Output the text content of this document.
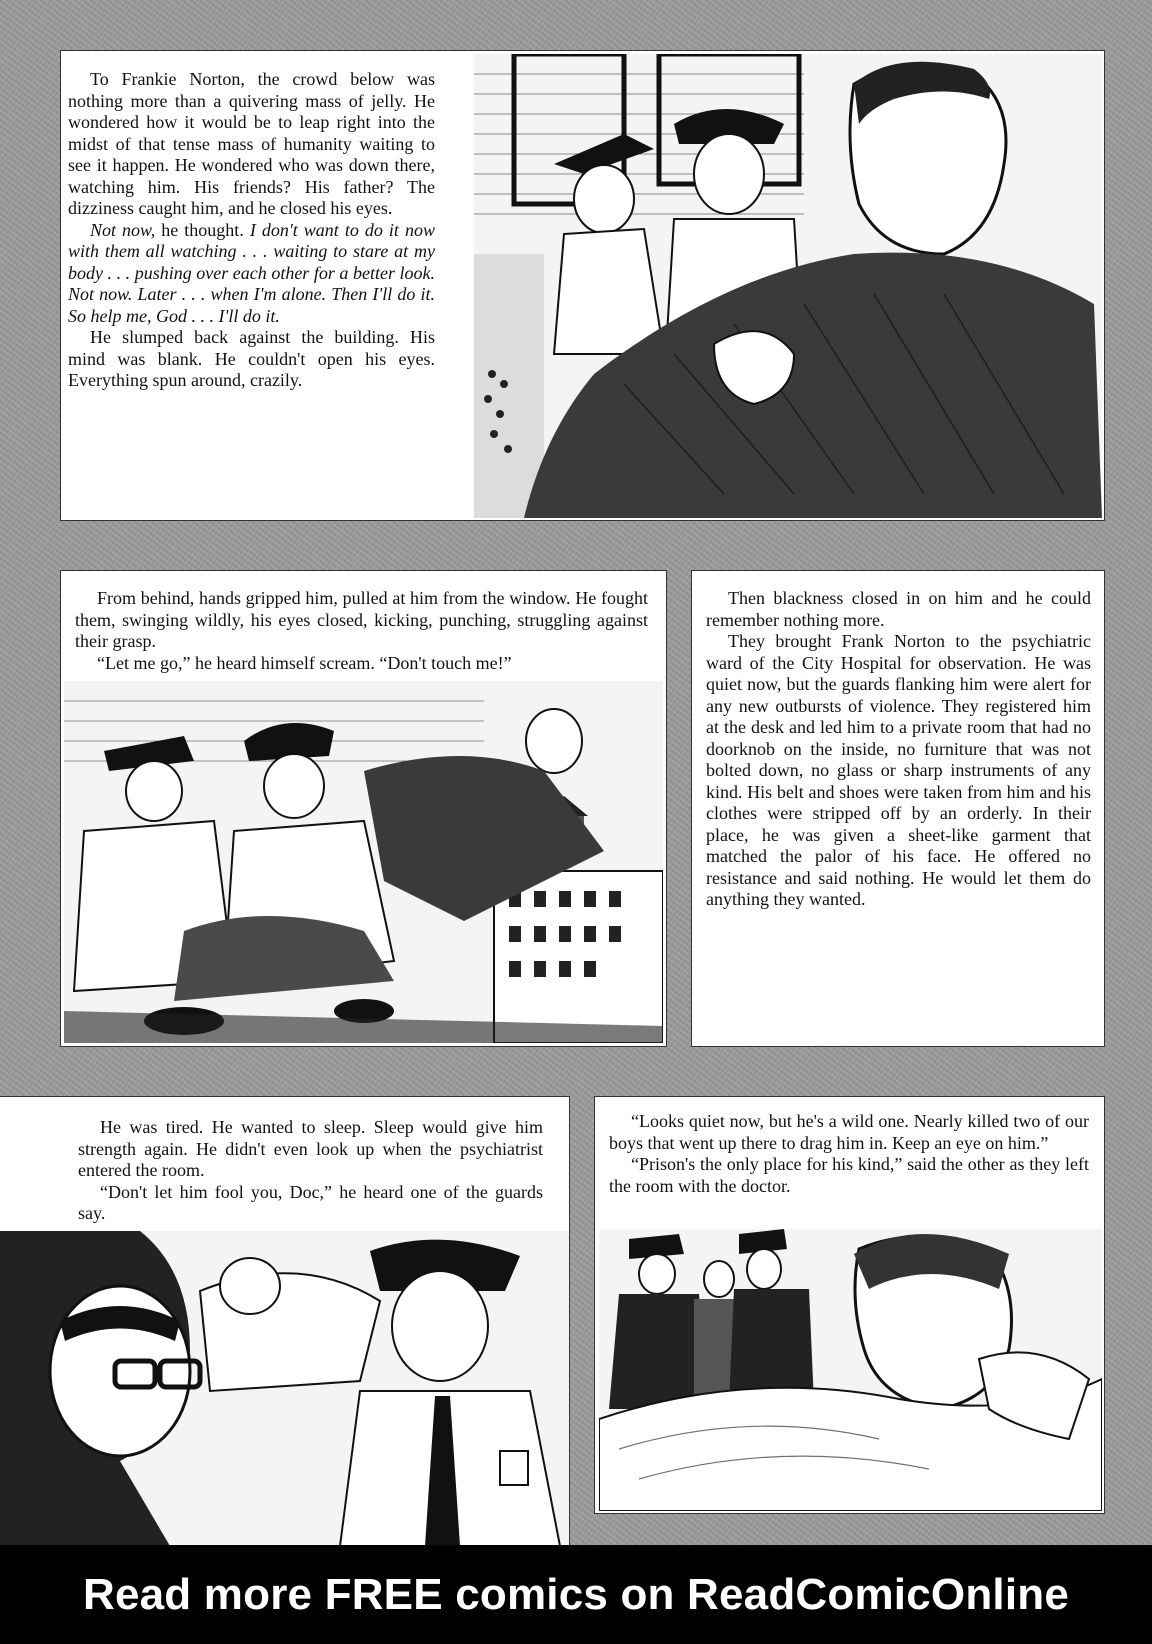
To Frankie Norton, the crowd below was nothing more than a quivering mass of jelly. He wondered how it would be to leap right into the midst of that tense mass of humanity waiting to see it happen. He wondered who was down there, watching him. His friends? His father? The dizziness caught him, and he closed his eyes.

Not now, he thought. I don't want to do it now with them all watching . . . waiting to stare at my body . . . pushing over each other for a better look. Not now. Later . . . when I'm alone. Then I'll do it. So help me, God . . . I'll do it.

He slumped back against the building. His mind was blank. He couldn't open his eyes. Everything spun around, crazily.

From behind, hands gripped him, pulled at him from the window. He fought them, swinging wildly, his eyes closed, kicking, punching, struggling against their grasp.

“Let me go,” he heard himself scream. “Don't touch me!”

Then blackness closed in on him and he could remember nothing more.

They brought Frank Norton to the psychiatric ward of the City Hospital for observation. He was quiet now, but the guards flanking him were alert for any new outbursts of violence. They registered him at the desk and led him to a private room that had no doorknob on the inside, no furniture that was not bolted down, no glass or sharp instruments of any kind. His belt and shoes were taken from him and his clothes were stripped off by an orderly. In their place, he was given a sheet-like garment that matched the palor of his face. He offered no resistance and said nothing. He would let them do anything they wanted.

He was tired. He wanted to sleep. Sleep would give him strength again. He didn't even look up when the psychiatrist entered the room.

“Don't let him fool you, Doc,” he heard one of the guards say.

“Looks quiet now, but he's a wild one. Nearly killed two of our boys that went up there to drag him in. Keep an eye on him.”

“Prison's the only place for his kind,” said the other as they left the room with the doctor.

Read more FREE comics on ReadComicOnline
